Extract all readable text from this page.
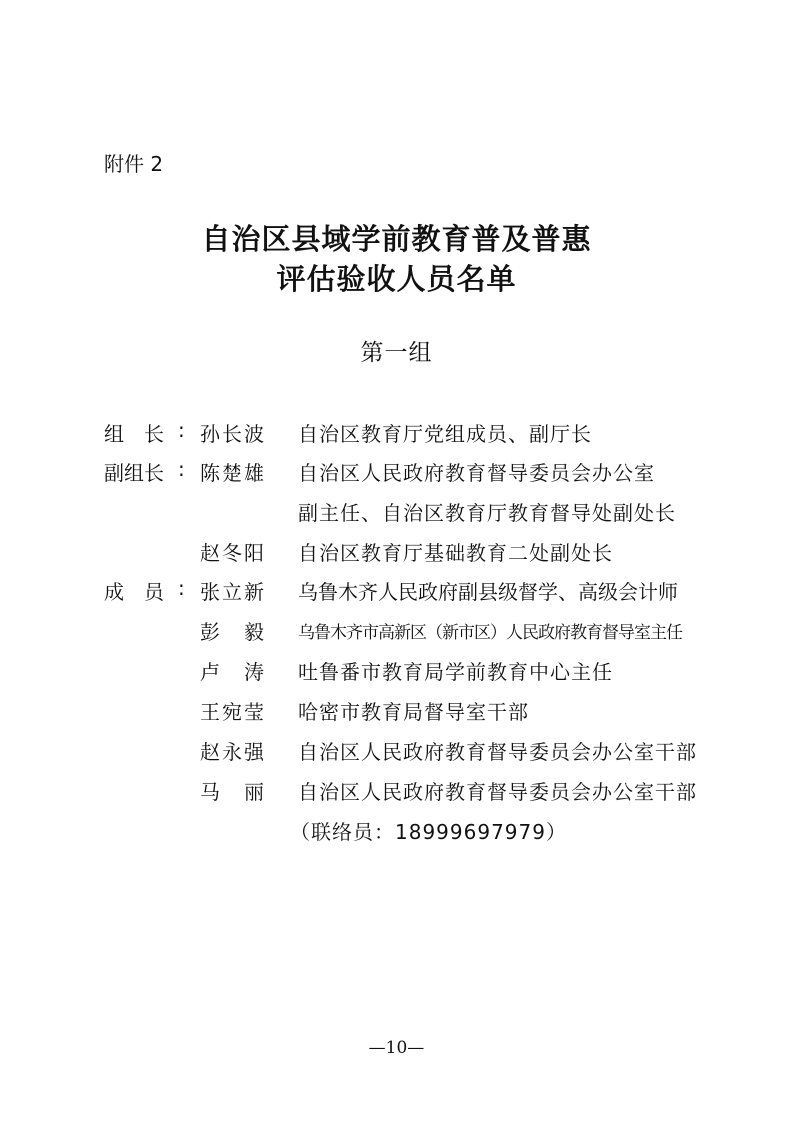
附件 2
自治区县域学前教育普及普惠
评估验收人员名单
第一组
组　长 : 孙长波 自治区教育厅党组成员、副厅长
副组长 : 陈楚雄 自治区人民政府教育督导委员会办公室
副主任、自治区教育厅教育督导处副处长
赵冬阳 自治区教育厅基础教育二处副处长
成　员 : 张立新 乌鲁木齐人民政府副县级督学、高级会计师
彭　毅 乌鲁木齐市高新区（新市区）人民政府教育督导室主任
卢　涛 吐鲁番市教育局学前教育中心主任
王宛莹 哈密市教育局督导室干部
赵永强 自治区人民政府教育督导委员会办公室干部
马　丽 自治区人民政府教育督导委员会办公室干部
（联络员：18999697979）
—10—
